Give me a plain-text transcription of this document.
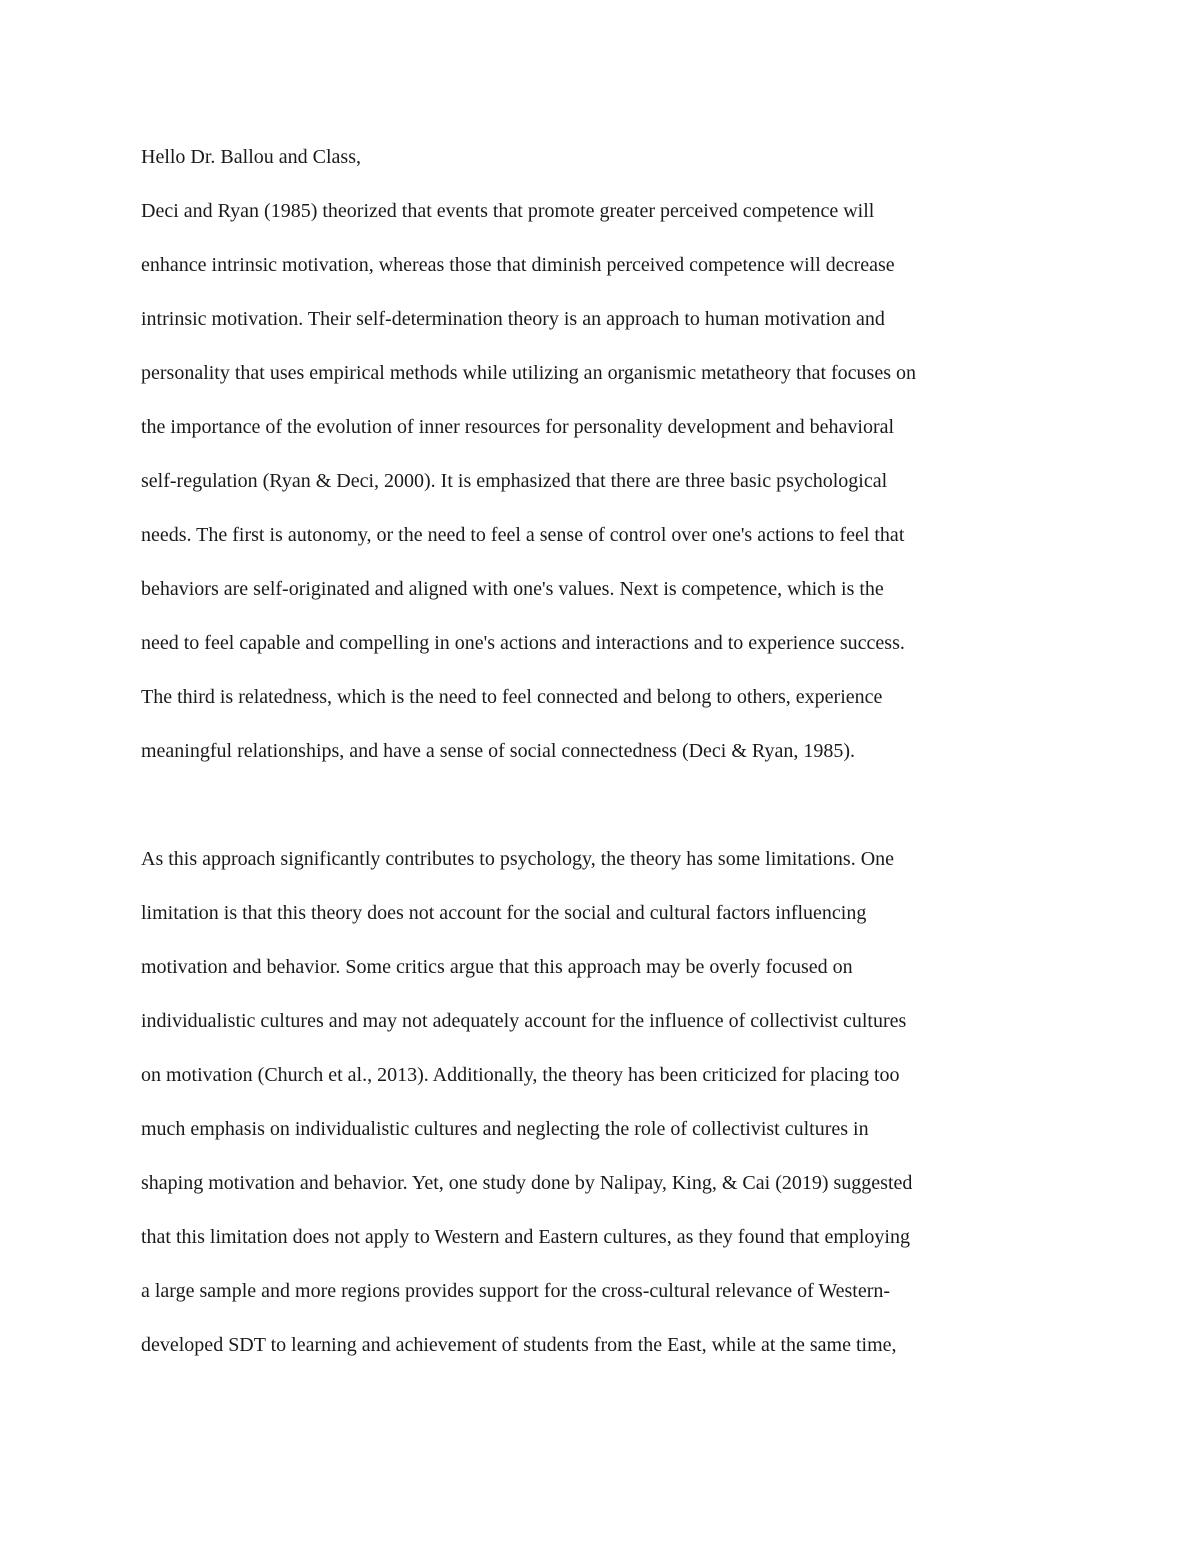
Hello Dr. Ballou and Class,
Deci and Ryan (1985) theorized that events that promote greater perceived competence will
enhance intrinsic motivation, whereas those that diminish perceived competence will decrease
intrinsic motivation. Their self-determination theory is an approach to human motivation and
personality that uses empirical methods while utilizing an organismic metatheory that focuses on
the importance of the evolution of inner resources for personality development and behavioral
self-regulation (Ryan & Deci, 2000). It is emphasized that there are three basic psychological
needs. The first is autonomy, or the need to feel a sense of control over one's actions to feel that
behaviors are self-originated and aligned with one's values. Next is competence, which is the
need to feel capable and compelling in one's actions and interactions and to experience success.
The third is relatedness, which is the need to feel connected and belong to others, experience
meaningful relationships, and have a sense of social connectedness (Deci & Ryan, 1985).
As this approach significantly contributes to psychology, the theory has some limitations. One
limitation is that this theory does not account for the social and cultural factors influencing
motivation and behavior. Some critics argue that this approach may be overly focused on
individualistic cultures and may not adequately account for the influence of collectivist cultures
on motivation (Church et al., 2013). Additionally, the theory has been criticized for placing too
much emphasis on individualistic cultures and neglecting the role of collectivist cultures in
shaping motivation and behavior. Yet, one study done by Nalipay, King, & Cai (2019) suggested
that this limitation does not apply to Western and Eastern cultures, as they found that employing
a large sample and more regions provides support for the cross-cultural relevance of Western-
developed SDT to learning and achievement of students from the East, while at the same time,
